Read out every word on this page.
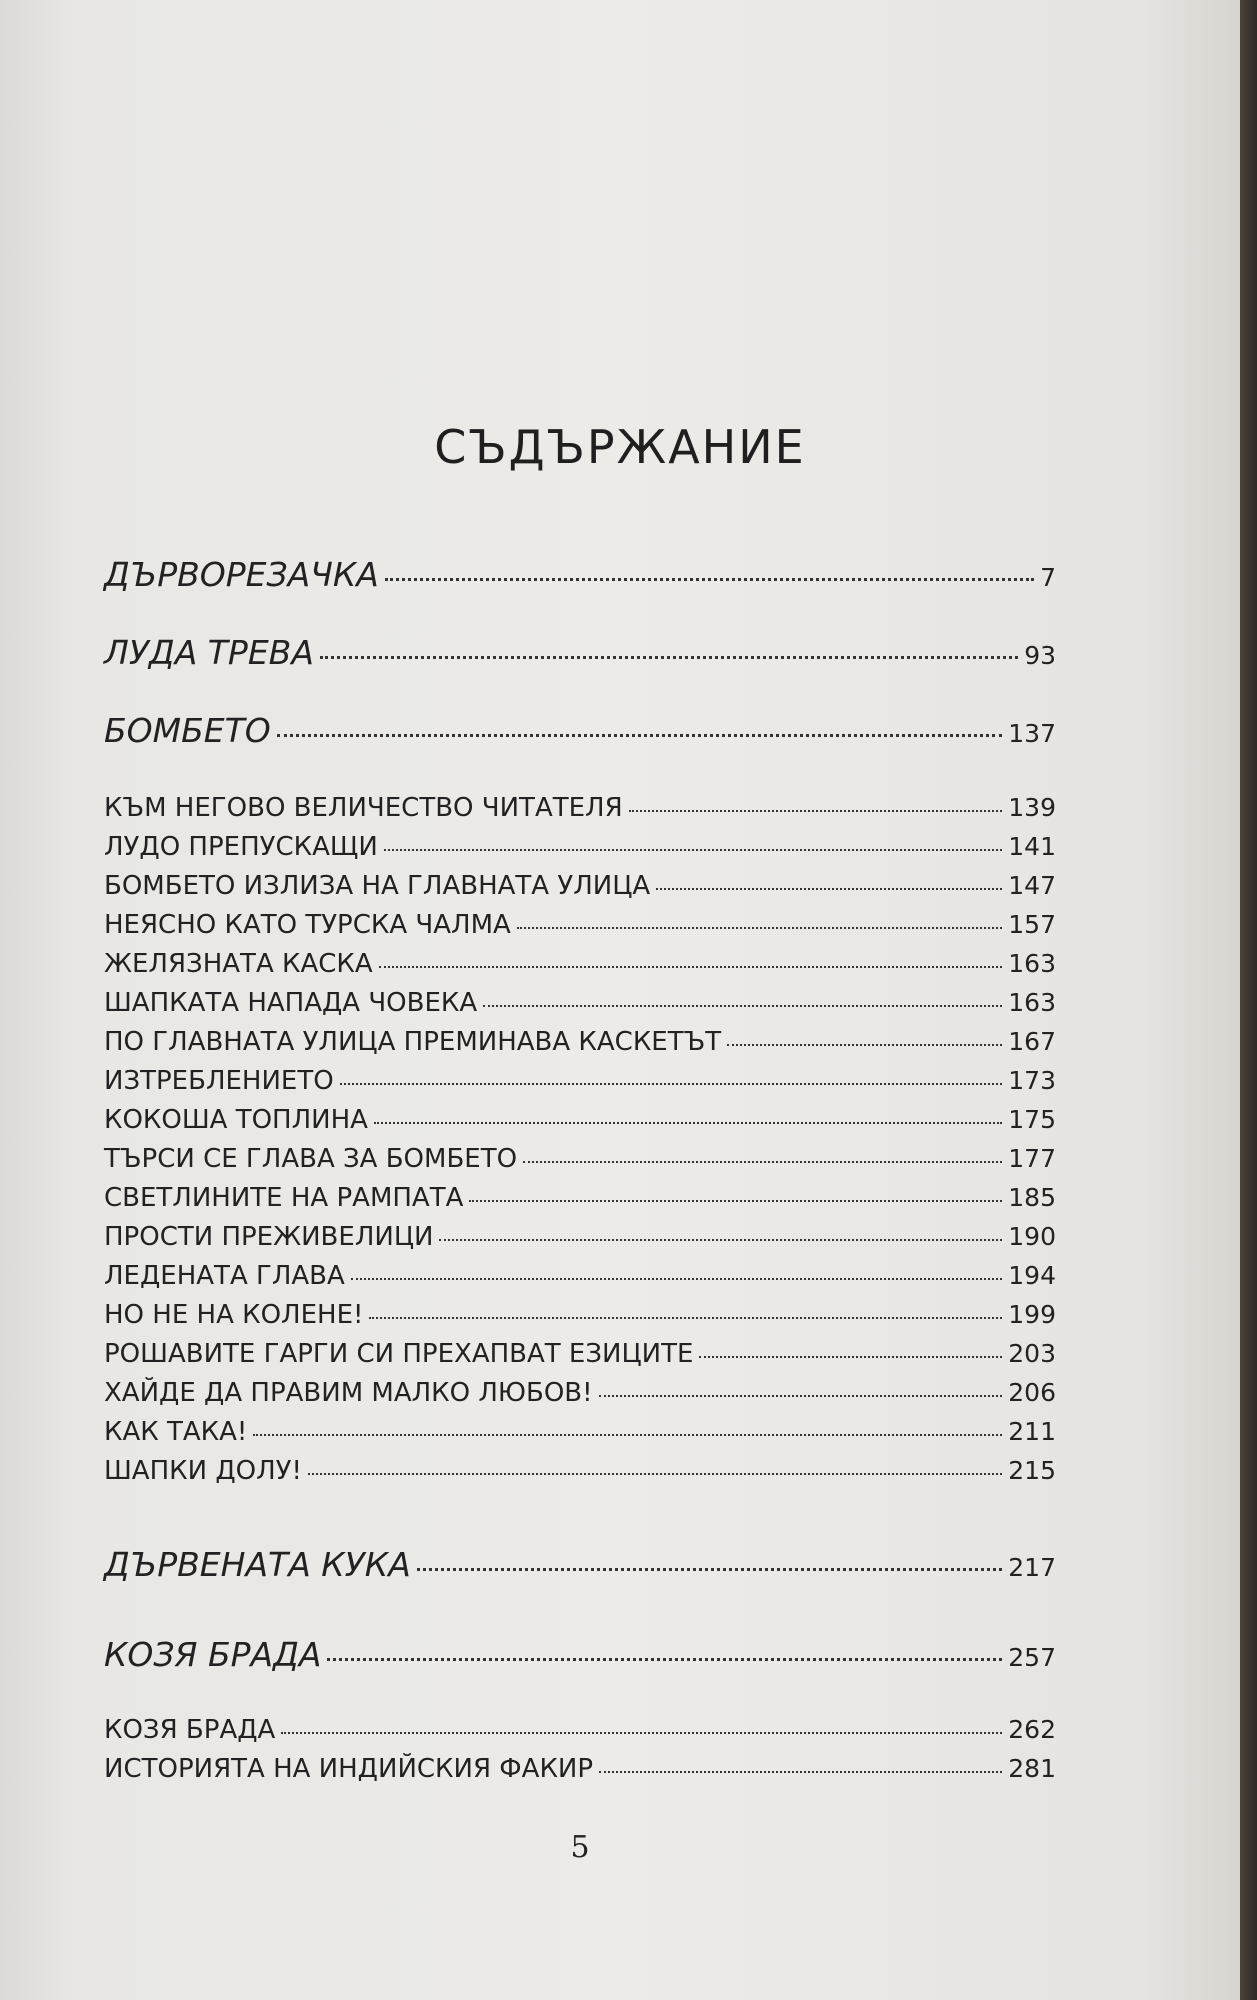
СЪДЪРЖАНИЕ
ДЪРВОРЕЗАЧКА	7
ЛУДА ТРЕВА	93
БОМБЕТО	137
КЪМ НЕГОВО ВЕЛИЧЕСТВО ЧИТАТЕЛЯ	139
ЛУДО ПРЕПУСКАЩИ	141
БОМБЕТО ИЗЛИЗА НА ГЛАВНАТА УЛИЦА	147
НЕЯСНО КАТО ТУРСКА ЧАЛМА	157
ЖЕЛЯЗНАТА КАСКА	163
ШАПКАТА НАПАДА ЧОВЕКА	163
ПО ГЛАВНАТА УЛИЦА ПРЕМИНАВА КАСКЕТЪТ	167
ИЗТРЕБЛЕНИЕТО	173
КОКОША ТОПЛИНА	175
ТЪРСИ СЕ ГЛАВА ЗА БОМБЕТО	177
СВЕТЛИНИТЕ НА РАМПАТА	185
ПРОСТИ ПРЕЖИВЕЛИЦИ	190
ЛЕДЕНАТА ГЛАВА	194
НО НЕ НА КОЛЕНЕ!	199
РОШАВИТЕ ГАРГИ СИ ПРЕХАПВАТ ЕЗИЦИТЕ	203
ХАЙДЕ ДА ПРАВИМ МАЛКО ЛЮБОВ!	206
КАК ТАКА!	211
ШАПКИ ДОЛУ!	215
ДЪРВЕНАТА КУКА	217
КОЗЯ БРАДА	257
КОЗЯ БРАДА	262
ИСТОРИЯТА НА ИНДИЙСКИЯ ФАКИР	281
5
